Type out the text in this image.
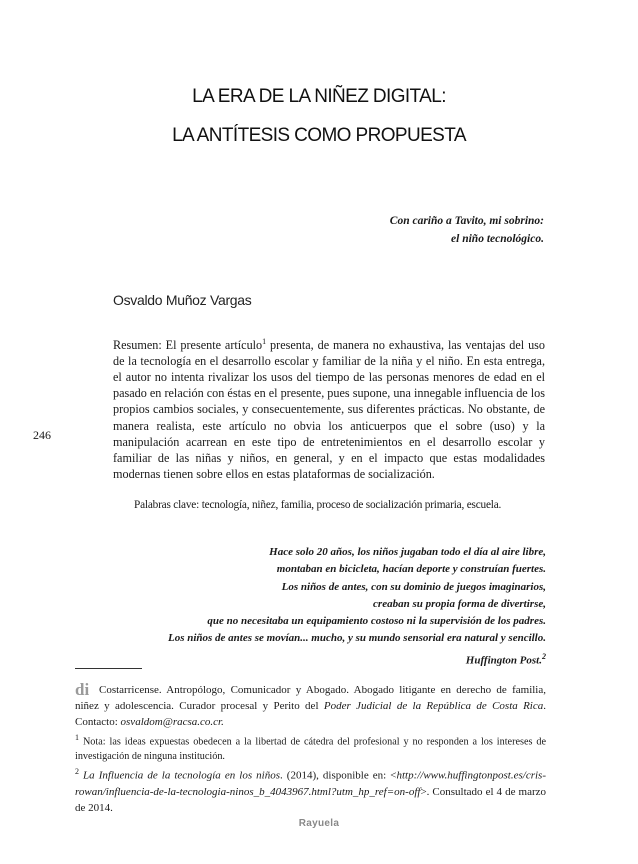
LA ERA DE LA NIÑEZ DIGITAL:
LA ANTÍTESIS COMO PROPUESTA
Con cariño a Tavito, mi sobrino:
el niño tecnológico.
Osvaldo Muñoz Vargas
Resumen: El presente artículo$^1$ presenta, de manera no exhaustiva, las ventajas del uso de la tecnología en el desarrollo escolar y familiar de la niña y el niño. En esta entrega, el autor no intenta rivalizar los usos del tiempo de las personas menores de edad en el pasado en relación con éstas en el presente, pues supone, una innegable influencia de los propios cambios sociales, y consecuentemente, sus diferentes prácticas. No obstante, de manera realista, este artículo no obvia los anticuerpos que el sobre (uso) y la manipulación acarrean en este tipo de entretenimientos en el desarrollo escolar y familiar de las niñas y niños, en general, y en el impacto que estas modalidades modernas tienen sobre ellos en estas plataformas de socialización.
246
Palabras clave: tecnología, niñez, familia, proceso de socialización primaria, escuela.
Hace solo 20 años, los niños jugaban todo el día al aire libre,
montaban en bicicleta, hacían deporte y construían fuertes.
Los niños de antes, con su dominio de juegos imaginarios,
creaban su propia forma de divertirse,
que no necesitaba un equipamiento costoso ni la supervisión de los padres.
Los niños de antes se movían... mucho, y su mundo sensorial era natural y sencillo.
Huffington Post.$^2$

di Costarricense. Antropólogo, Comunicador y Abogado. Abogado litigante en derecho de familia, niñez y adolescencia. Curador procesal y Perito del Poder Judicial de la República de Costa Rica. Contacto: osvaldom@racsa.co.cr.

$^1$ Nota: las ideas expuestas obedecen a la libertad de cátedra del profesional y no responden a los intereses de investigación de ninguna institución.

$^2$ La Influencia de la tecnología en los niños. (2014), disponible en: <http://www.huffingtonpost.es/cris-rowan/influencia-de-la-tecnologia-ninos_b_4043967.html?utm_hp_ref=on-off>. Consultado el 4 de marzo de 2014.

Rayuela
